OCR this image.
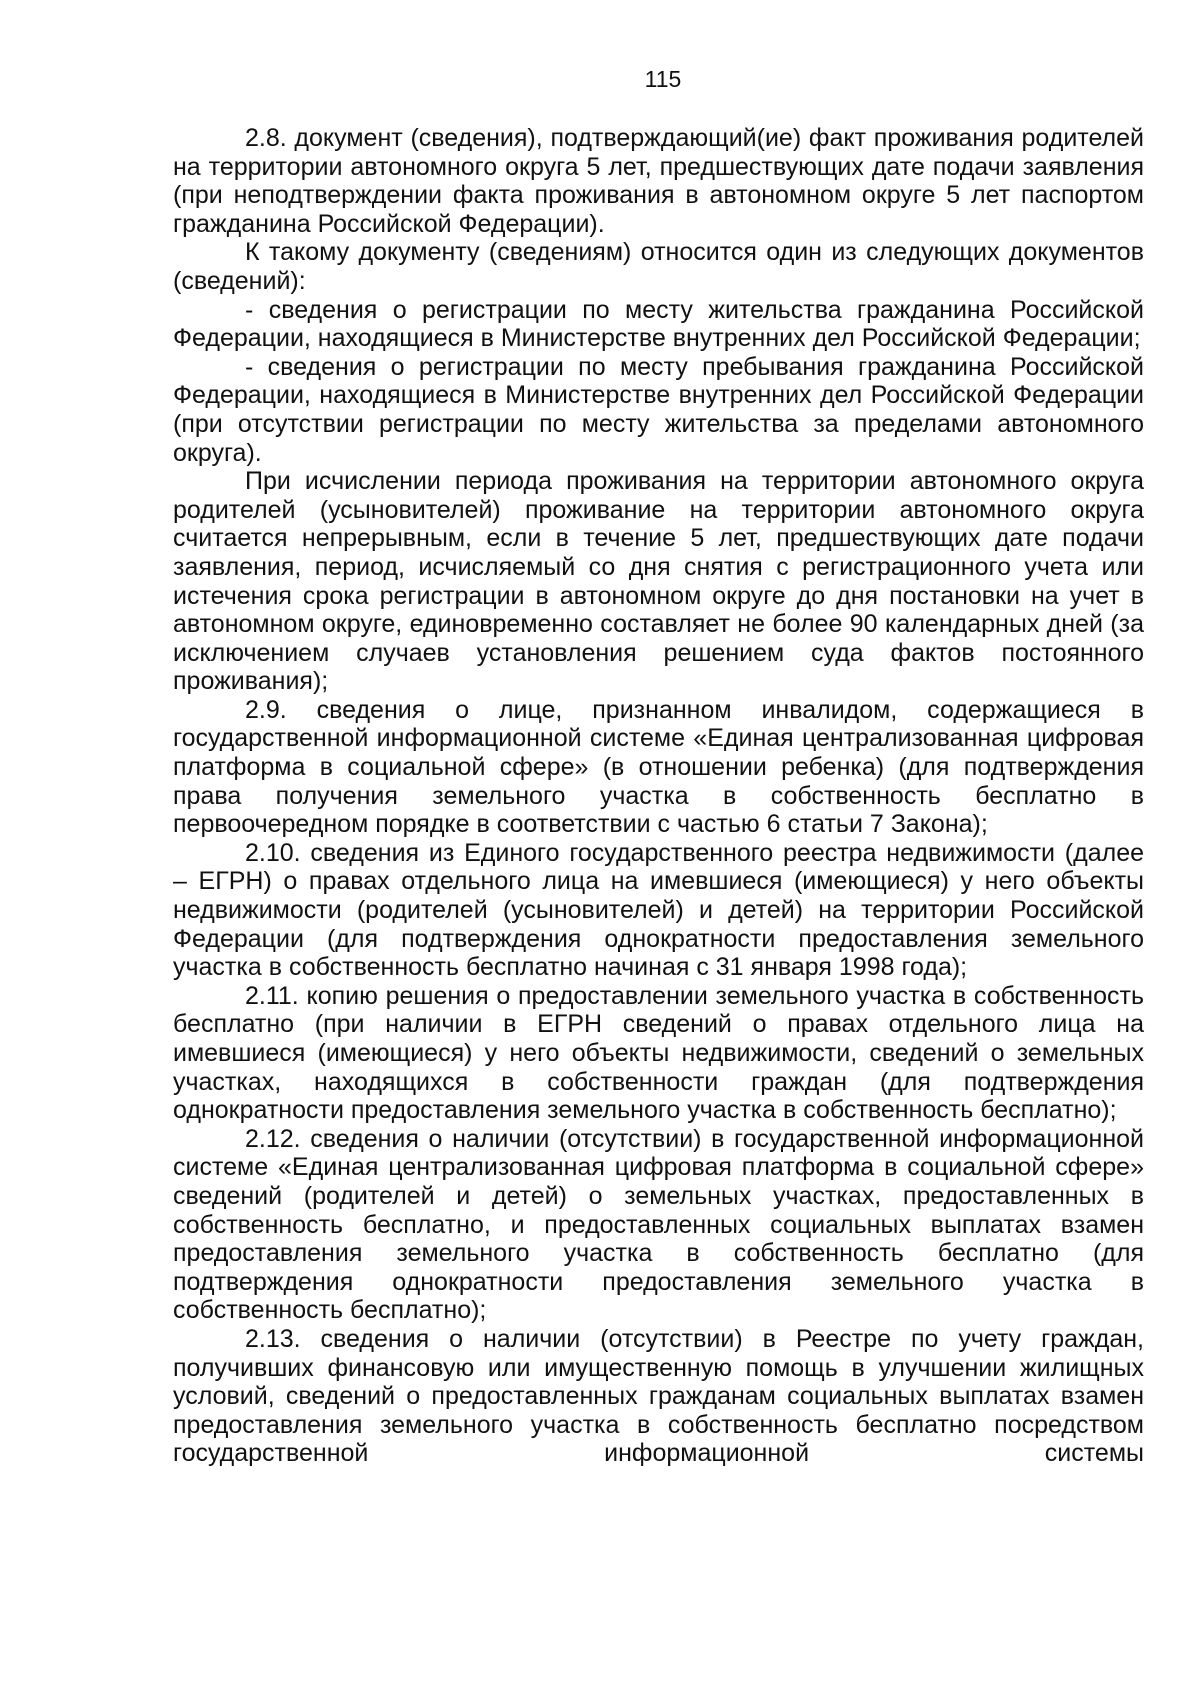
115

2.8. документ (сведения), подтверждающий(ие) факт проживания родителей на территории автономного округа 5 лет, предшествующих дате подачи заявления (при неподтверждении факта проживания в автономном округе 5 лет паспортом гражданина Российской Федерации).

К такому документу (сведениям) относится один из следующих документов (сведений):

- сведения о регистрации по месту жительства гражданина Российской Федерации, находящиеся в Министерстве внутренних дел Российской Федерации;

- сведения о регистрации по месту пребывания гражданина Российской Федерации, находящиеся в Министерстве внутренних дел Российской Федерации (при отсутствии регистрации по месту жительства за пределами автономного округа).

При исчислении периода проживания на территории автономного округа родителей (усыновителей) проживание на территории автономного округа считается непрерывным, если в течение 5 лет, предшествующих дате подачи заявления, период, исчисляемый со дня снятия с регистрационного учета или истечения срока регистрации в автономном округе до дня постановки на учет в автономном округе, единовременно составляет не более 90 календарных дней (за исключением случаев установления решением суда фактов постоянного проживания);

2.9. сведения о лице, признанном инвалидом, содержащиеся в государственной информационной системе «Единая централизованная цифровая платформа в социальной сфере» (в отношении ребенка) (для подтверждения права получения земельного участка в собственность бесплатно в первоочередном порядке в соответствии с частью 6 статьи 7 Закона);

2.10. сведения из Единого государственного реестра недвижимости (далее – ЕГРН) о правах отдельного лица на имевшиеся (имеющиеся) у него объекты недвижимости (родителей (усыновителей) и детей) на территории Российской Федерации (для подтверждения однократности предоставления земельного участка в собственность бесплатно начиная с 31 января 1998 года);

2.11. копию решения о предоставлении земельного участка в собственность бесплатно (при наличии в ЕГРН сведений о правах отдельного лица на имевшиеся (имеющиеся) у него объекты недвижимости, сведений о земельных участках, находящихся в собственности граждан (для подтверждения однократности предоставления земельного участка в собственность бесплатно);

2.12. сведения о наличии (отсутствии) в государственной информационной системе «Единая централизованная цифровая платформа в социальной сфере» сведений (родителей и детей) о земельных участках, предоставленных в собственность бесплатно, и предоставленных социальных выплатах взамен предоставления земельного участка в собственность бесплатно (для подтверждения однократности предоставления земельного участка в собственность бесплатно);

2.13. сведения о наличии (отсутствии) в Реестре по учету граждан, получивших финансовую или имущественную помощь в улучшении жилищных условий, сведений о предоставленных гражданам социальных выплатах взамен предоставления земельного участка в собственность бесплатно посредством государственной информационной системы
